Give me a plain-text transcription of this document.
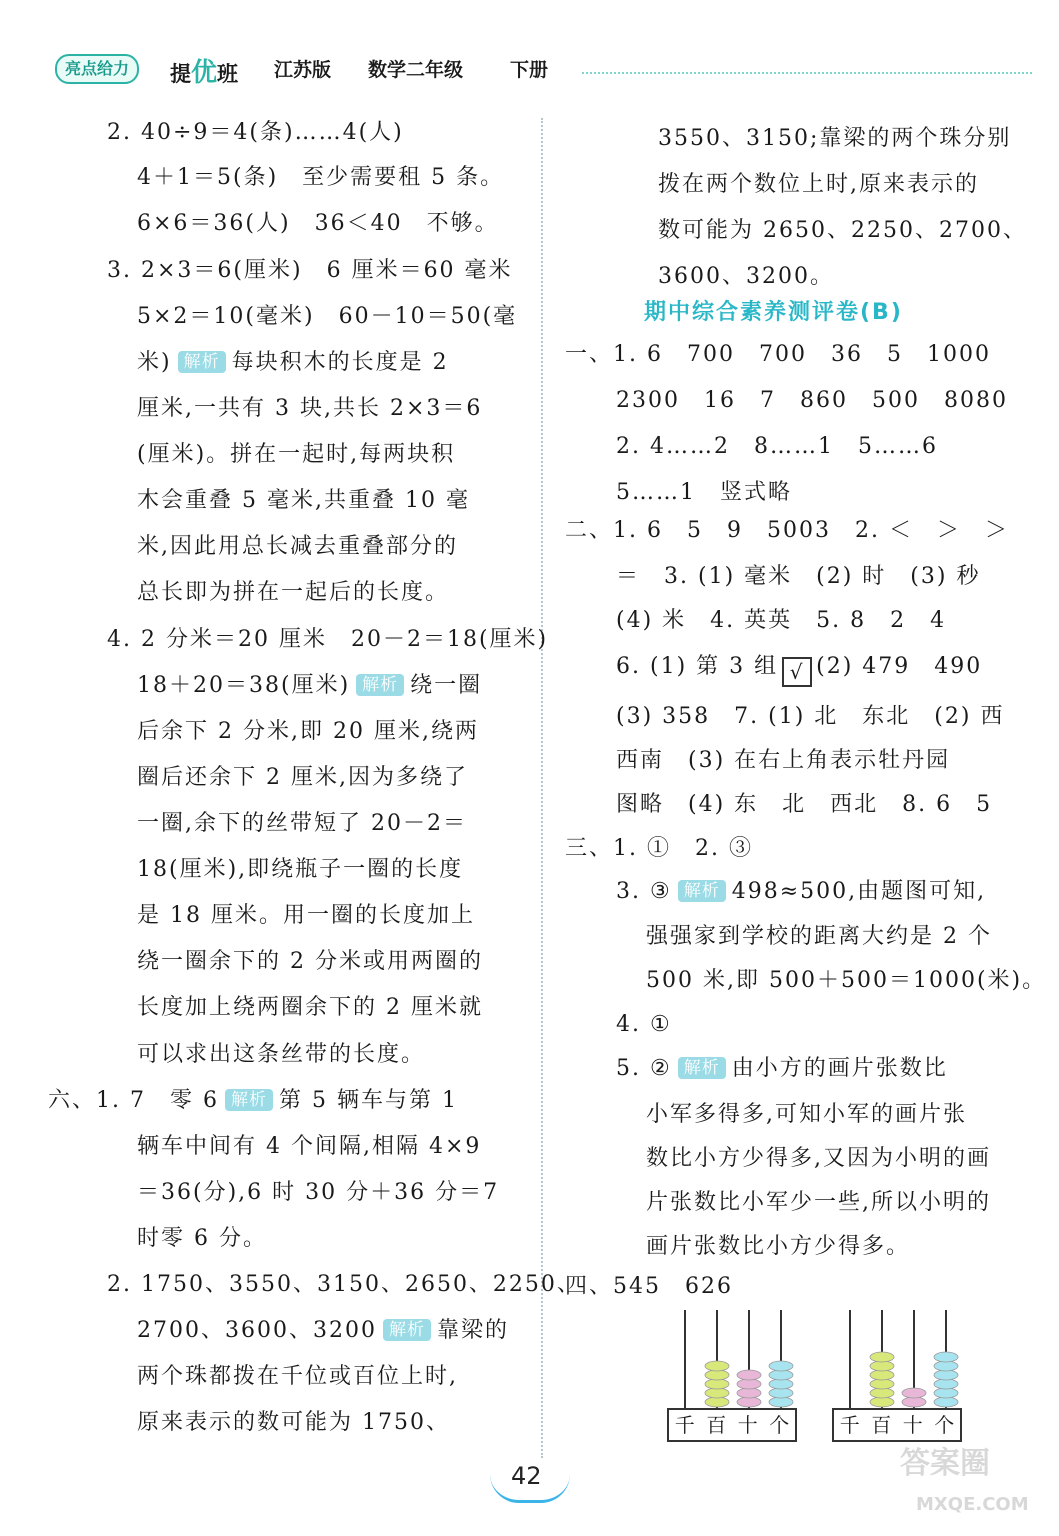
亮点给力	提优班 江苏版 数学二年级 下册
2. 40÷9＝4(条)……4(人)
4＋1＝5(条)　至少需要租 5 条。
6×6＝36(人)　36＜40　不够。
3. 2×3＝6(厘米)　6 厘米＝60 毫米
5×2＝10(毫米)　60－10＝50(毫
米) 解析 每块积木的长度是 2
厘米,一共有 3 块,共长 2×3＝6
(厘米)。拼在一起时,每两块积
木会重叠 5 毫米,共重叠 10 毫
米,因此用总长减去重叠部分的
总长即为拼在一起后的长度。
4. 2 分米＝20 厘米　20－2＝18(厘米)
18＋20＝38(厘米) 解析 绕一圈
后余下 2 分米,即 20 厘米,绕两
圈后还余下 2 厘米,因为多绕了
一圈,余下的丝带短了 20－2＝
18(厘米),即绕瓶子一圈的长度
是 18 厘米。用一圈的长度加上
绕一圈余下的 2 分米或用两圈的
长度加上绕两圈余下的 2 厘米就
可以求出这条丝带的长度。
六、1. 7　零 6 解析 第 5 辆车与第 1
辆车中间有 4 个间隔,相隔 4×9
＝36(分),6 时 30 分＋36 分＝7
时零 6 分。
2. 1750、3550、3150、2650、2250、
2700、3600、3200 解析 靠梁的
两个珠都拨在千位或百位上时,
原来表示的数可能为 1750、
3550、3150;靠梁的两个珠分别
拨在两个数位上时,原来表示的
数可能为 2650、2250、2700、
3600、3200。
期中综合素养测评卷(B)
一、1. 6　700　700　36　5　1000
2300　16　7　860　500　8080
2. 4……2　8……1　5……6
5……1　竖式略
二、1. 6　5　9　5003　2. ＜　＞　＞
＝　3. (1) 毫米　(2) 时　(3) 秒
(4) 米　4. 英英　5. 8　2　4
6. (1) 第 3 组 √ (2) 479　490
(3) 358　7. (1) 北　东北　(2) 西
西南　(3) 在右上角表示牡丹园
图略　(4) 东　北　西北　8. 6　5
三、1. ①　2. ③
3. ③ 解析 498≈500,由题图可知,
强强家到学校的距离大约是 2 个
500 米,即 500＋500＝1000(米)。
4. ①
5. ② 解析 由小方的画片张数比
小军多得多,可知小军的画片张
数比小方少得多,又因为小明的画
片张数比小军少一些,所以小明的
画片张数比小方少得多。
四、545　626
千 百 十 个	千 百 十 个
42	答案圈
MXQE.COM
